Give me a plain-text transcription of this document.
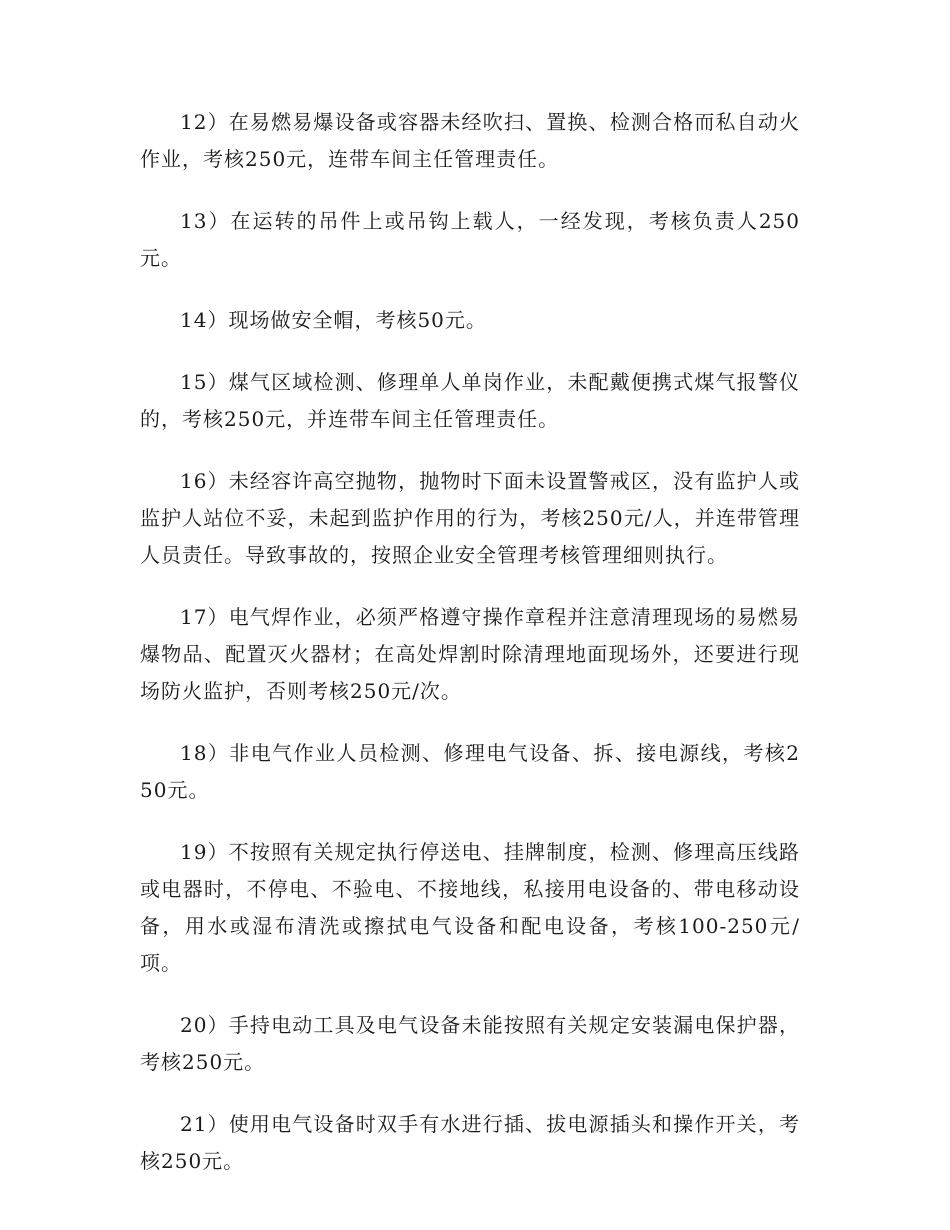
12）在易燃易爆设备或容器未经吹扫、置换、检测合格而私自动火作业，考核250元，连带车间主任管理责任。

13）在运转的吊件上或吊钩上载人，一经发现，考核负责人250元。

14）现场做安全帽，考核50元。

15）煤气区域检测、修理单人单岗作业，未配戴便携式煤气报警仪的，考核250元，并连带车间主任管理责任。

16）未经容许高空抛物，抛物时下面未设置警戒区，没有监护人或监护人站位不妥，未起到监护作用的行为，考核250元/人，并连带管理人员责任。导致事故的，按照企业安全管理考核管理细则执行。

17）电气焊作业，必须严格遵守操作章程并注意清理现场的易燃易爆物品、配置灭火器材；在高处焊割时除清理地面现场外，还要进行现场防火监护，否则考核250元/次。

18）非电气作业人员检测、修理电气设备、拆、接电源线，考核250元。

19）不按照有关规定执行停送电、挂牌制度，检测、修理高压线路或电器时，不停电、不验电、不接地线，私接用电设备的、带电移动设备，用水或湿布清洗或擦拭电气设备和配电设备，考核100-250元/项。

20）手持电动工具及电气设备未能按照有关规定安装漏电保护器，考核250元。

21）使用电气设备时双手有水进行插、拔电源插头和操作开关，考核250元。
